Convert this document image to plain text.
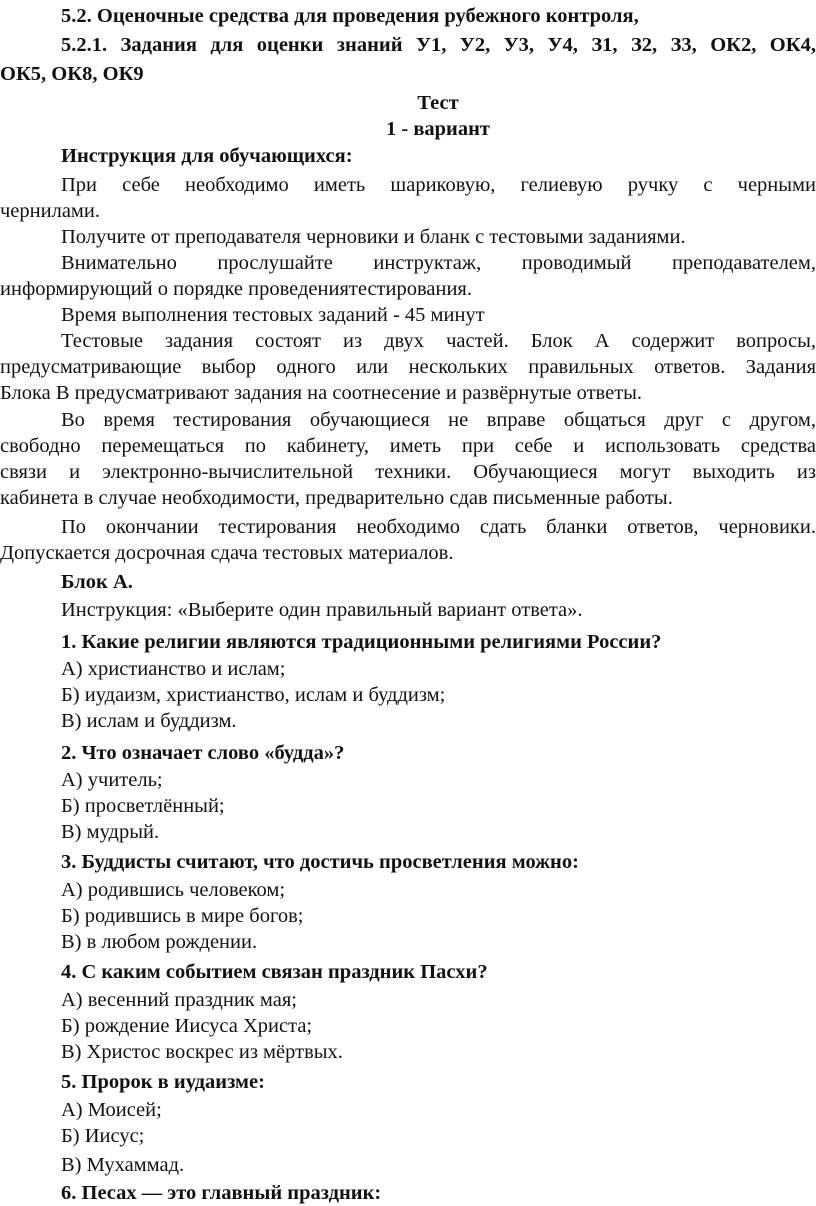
5.2. Оценочные средства для проведения рубежного контроля,
5.2.1. Задания для оценки знаний У1, У2, У3, У4, З1, З2, З3, ОК2, ОК4,
ОК5, ОК8, ОК9
Тест
1 - вариант
Инструкция для обучающихся:
При себе необходимо иметь шариковую, гелиевую ручку с черными
чернилами.
Получите от преподавателя черновики и бланк с тестовыми заданиями.
Внимательно прослушайте инструктаж, проводимый преподавателем,
информирующий о порядке проведениятестирования.
Время выполнения тестовых заданий - 45 минут
Тестовые задания состоят из двух частей. Блок А содержит вопросы,
предусматривающие выбор одного или нескольких правильных ответов. Задания
Блока В предусматривают задания на соотнесение и развёрнутые ответы.
Во время тестирования обучающиеся не вправе общаться друг с другом,
свободно перемещаться по кабинету, иметь при себе и использовать средства
связи и электронно-вычислительной техники. Обучающиеся могут выходить из
кабинета в случае необходимости, предварительно сдав письменные работы.
По окончании тестирования необходимо сдать бланки ответов, черновики.
Допускается досрочная сдача тестовых материалов.
Блок А.
Инструкция: «Выберите один правильный вариант ответа».
1. Какие религии являются традиционными религиями России?
А) христианство и ислам;
Б) иудаизм, христианство, ислам и буддизм;
В) ислам и буддизм.
2. Что означает слово «будда»?
А) учитель;
Б) просветлённый;
В) мудрый.
3. Буддисты считают, что достичь просветления можно:
А) родившись человеком;
Б) родившись в мире богов;
В) в любом рождении.
4. С каким событием связан праздник Пасхи?
А) весенний праздник мая;
Б) рождение Иисуса Христа;
В) Христос воскрес из мёртвых.
5. Пророк в иудаизме:
А) Моисей;
Б) Иисус;
В) Мухаммад.
6. Песах — это главный праздник:
